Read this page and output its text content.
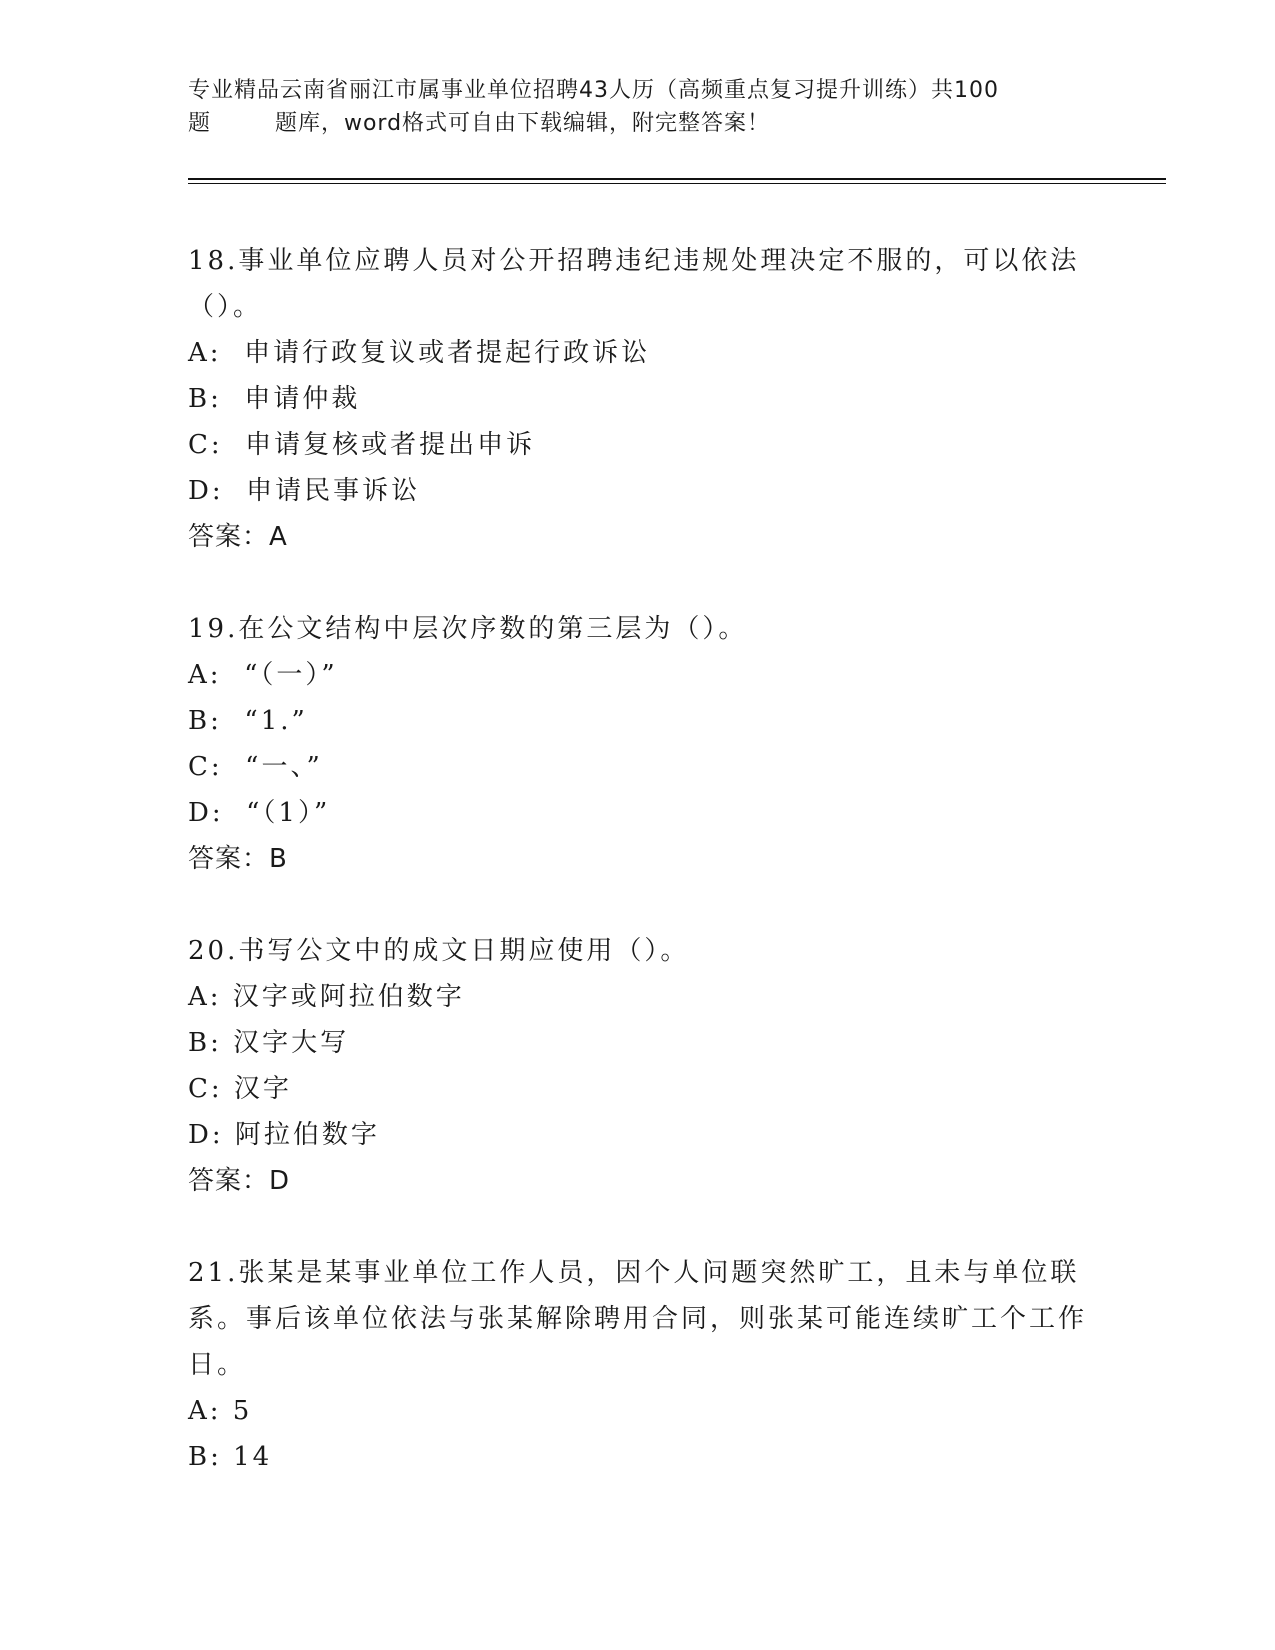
专业精品云南省丽江市属事业单位招聘43人历（高频重点复习提升训练）共100

题	题库，word格式可自由下载编辑，附完整答案！

18.事业单位应聘人员对公开招聘违纪违规处理决定不服的，可以依法（）。

A:  申请行政复议或者提起行政诉讼

B:  申请仲裁

C:  申请复核或者提出申诉

D:  申请民事诉讼

答案：A

19.在公文结构中层次序数的第三层为（）。

A:  “（一）”

B:  “1.”

C:  “一、”

D:  “（1）”

答案：B

20.书写公文中的成文日期应使用（）。

A: 汉字或阿拉伯数字

B: 汉字大写

C: 汉字

D: 阿拉伯数字

答案：D

21.张某是某事业单位工作人员，因个人问题突然旷工，且未与单位联系。事后该单位依法与张某解除聘用合同，则张某可能连续旷工个工作日。

A: 5

B: 14
